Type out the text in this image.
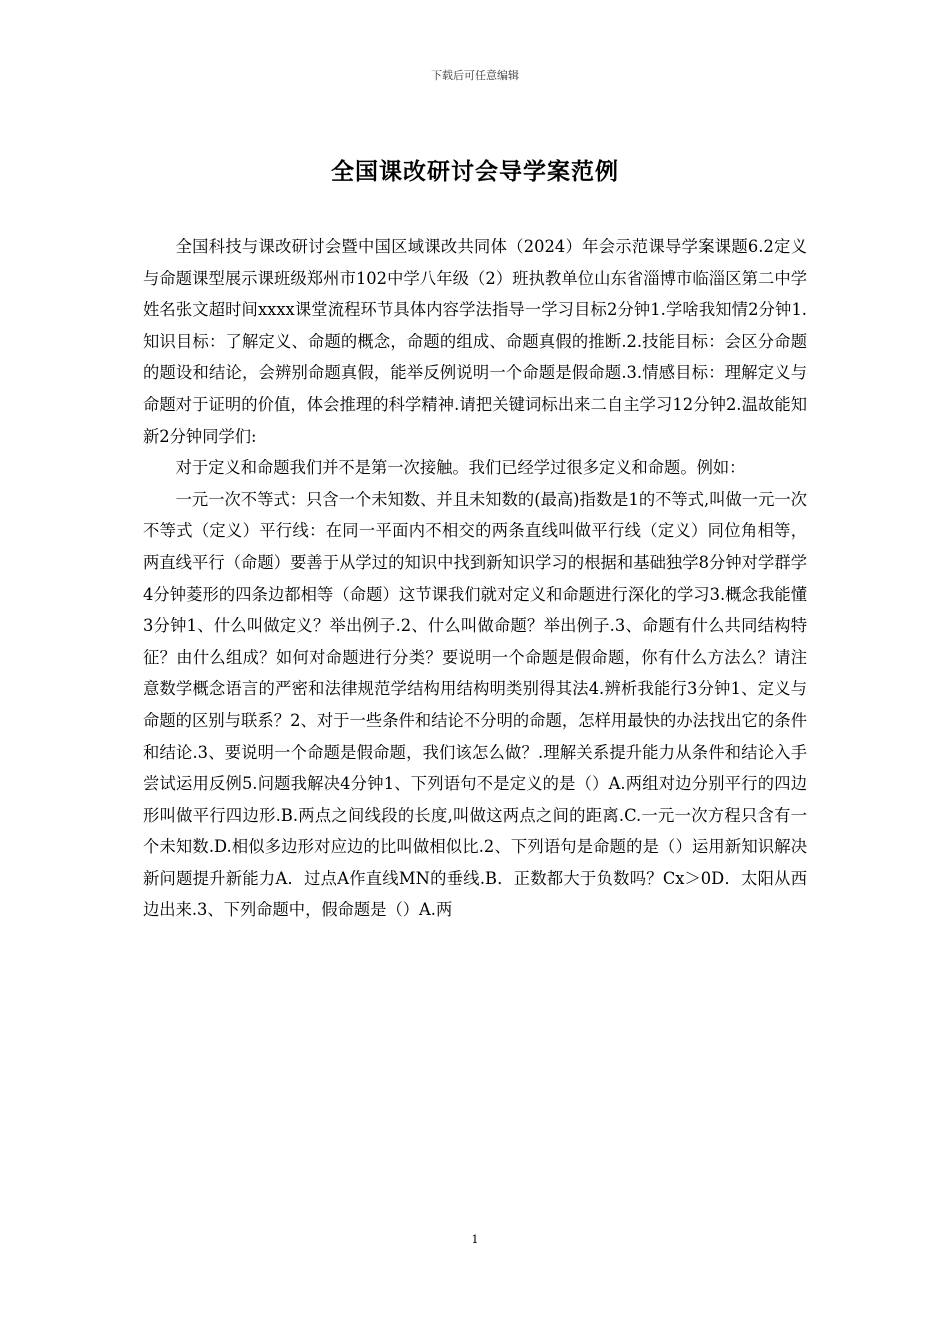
下载后可任意编辑
全国课改研讨会导学案范例

全国科技与课改研讨会暨中国区域课改共同体（2024）年会示范课导学案课题6.2定义与命题课型展示课班级郑州市102中学八年级（2）班执教单位山东省淄博市临淄区第二中学姓名张文超时间xxxx课堂流程环节具体内容学法指导一学习目标2分钟1.学啥我知情2分钟1.知识目标：了解定义、命题的概念，命题的组成、命题真假的推断.2.技能目标：会区分命题的题设和结论，会辨别命题真假，能举反例说明一个命题是假命题.3.情感目标：理解定义与命题对于证明的价值，体会推理的科学精神.请把关键词标出来二自主学习12分钟2.温故能知新2分钟同学们:

对于定义和命题我们并不是第一次接触。我们已经学过很多定义和命题。例如：

一元一次不等式：只含一个未知数、并且未知数的(最高)指数是1的不等式,叫做一元一次不等式（定义）平行线：在同一平面内不相交的两条直线叫做平行线（定义）同位角相等，两直线平行（命题）要善于从学过的知识中找到新知识学习的根据和基础独学8分钟对学群学4分钟菱形的四条边都相等（命题）这节课我们就对定义和命题进行深化的学习3.概念我能懂3分钟1、什么叫做定义？举出例子.2、什么叫做命题？举出例子.3、命题有什么共同结构特征？由什么组成？如何对命题进行分类？要说明一个命题是假命题，你有什么方法么？请注意数学概念语言的严密和法律规范学结构用结构明类别得其法4.辨析我能行3分钟1、定义与命题的区别与联系？2、对于一些条件和结论不分明的命题，怎样用最快的办法找出它的条件和结论.3、要说明一个命题是假命题，我们该怎么做？.理解关系提升能力从条件和结论入手尝试运用反例5.问题我解决4分钟1、下列语句不是定义的是（）A.两组对边分别平行的四边形叫做平行四边形.B.两点之间线段的长度,叫做这两点之间的距离.C.一元一次方程只含有一个未知数.D.相似多边形对应边的比叫做相似比.2、下列语句是命题的是（）运用新知识解决新问题提升新能力A．过点A作直线MN的垂线.B．正数都大于负数吗？Cx＞0D．太阳从西边出来.3、下列命题中，假命题是（）A.两

1
